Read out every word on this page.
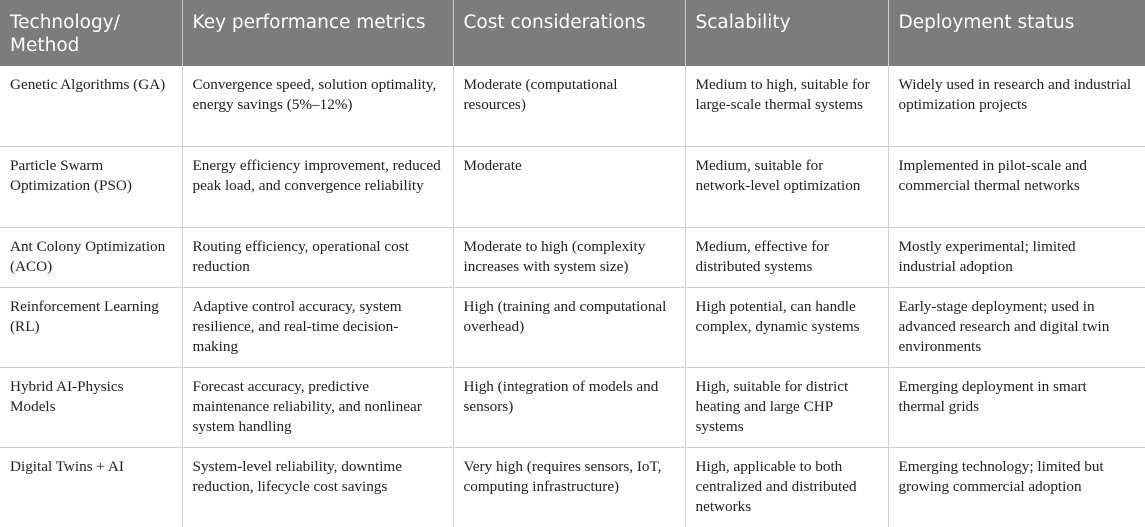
Technology/ Method	Key performance metrics	Cost considerations	Scalability	Deployment status
Genetic Algorithms (GA)	Convergence speed, solution optimality, energy savings (5%–12%)	Moderate (computational resources)	Medium to high, suitable for large-scale thermal systems	Widely used in research and industrial optimization projects
Particle Swarm Optimization (PSO)	Energy efficiency improvement, reduced peak load, and convergence reliability	Moderate	Medium, suitable for network-level optimization	Implemented in pilot-scale and commercial thermal networks
Ant Colony Optimization (ACO)	Routing efficiency, operational cost reduction	Moderate to high (complexity increases with system size)	Medium, effective for distributed systems	Mostly experimental; limited industrial adoption
Reinforcement Learning (RL)	Adaptive control accuracy, system resilience, and real-time decision-making	High (training and computational overhead)	High potential, can handle complex, dynamic systems	Early-stage deployment; used in advanced research and digital twin environments
Hybrid AI-Physics Models	Forecast accuracy, predictive maintenance reliability, and nonlinear system handling	High (integration of models and sensors)	High, suitable for district heating and large CHP systems	Emerging deployment in smart thermal grids
Digital Twins + AI	System-level reliability, downtime reduction, lifecycle cost savings	Very high (requires sensors, IoT, computing infrastructure)	High, applicable to both centralized and distributed networks	Emerging technology; limited but growing commercial adoption
